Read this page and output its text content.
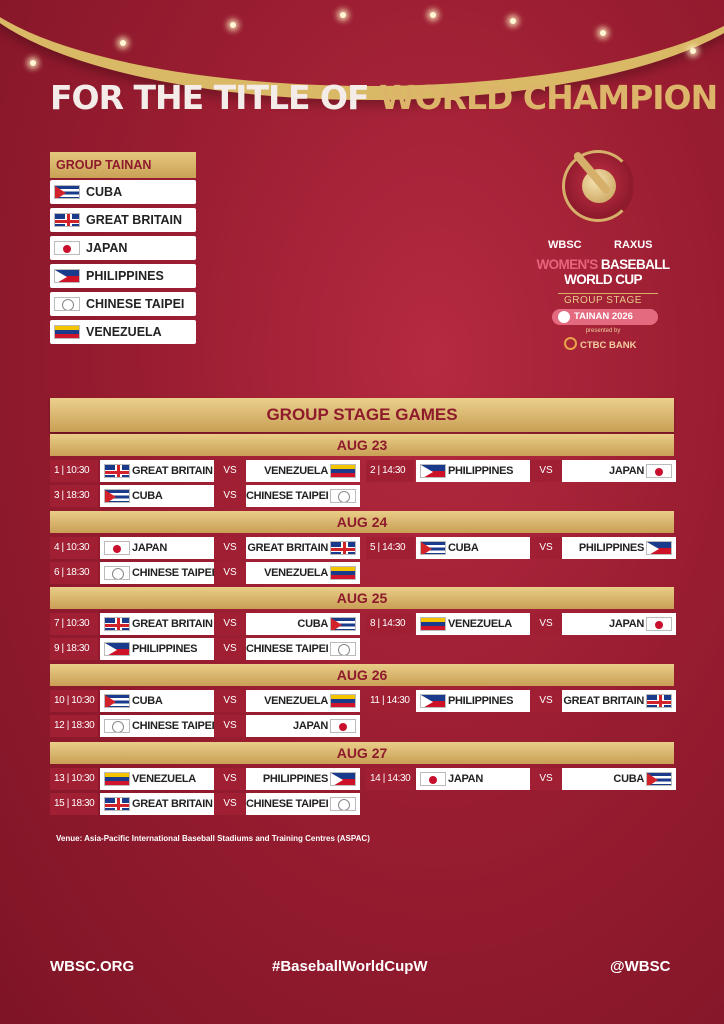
FOR THE TITLE OF WORLD CHAMPION
GROUP TAINAN
CUBA
GREAT BRITAIN
JAPAN
PHILIPPINES
CHINESE TAIPEI
VENEZUELA
WBSC	RAXUS
WOMEN'S BASEBALL
WORLD CUP
GROUP STAGE
TAINAN 2026
presented by
CTBC BANK
GROUP STAGE GAMES
AUG 23
1 | 10:30	GREAT BRITAIN	VS	VENEZUELA	2 | 14:30	PHILIPPINES	VS	JAPAN
3 | 18:30	CUBA	VS CHINESE TAIPEI
AUG 24
4 | 10:30	JAPAN	VS GREAT BRITAIN	5 | 14:30	CUBA	VS	PHILIPPINES
6 | 18:30	CHINESE TAIPEI VS	VENEZUELA
AUG 25
7 | 10:30	GREAT BRITAIN	VS	CUBA	8 | 14:30	VENEZUELA	VS	JAPAN
9 | 18:30	PHILIPPINES	VS CHINESE TAIPEI
AUG 26
10 | 10:30	CUBA	VS	VENEZUELA	11 | 14:30	PHILIPPINES	VS GREAT BRITAIN
12 | 18:30	CHINESE TAIPEI VS	JAPAN
AUG 27
13 | 10:30	VENEZUELA	VS	PHILIPPINES	14 | 14:30	JAPAN	VS	CUBA
15 | 18:30	GREAT BRITAIN	VS CHINESE TAIPEI
Venue: Asia-Pacific International Baseball Stadiums and Training Centres (ASPAC)
WBSC.ORG	#BaseballWorldCupW	@WBSC
